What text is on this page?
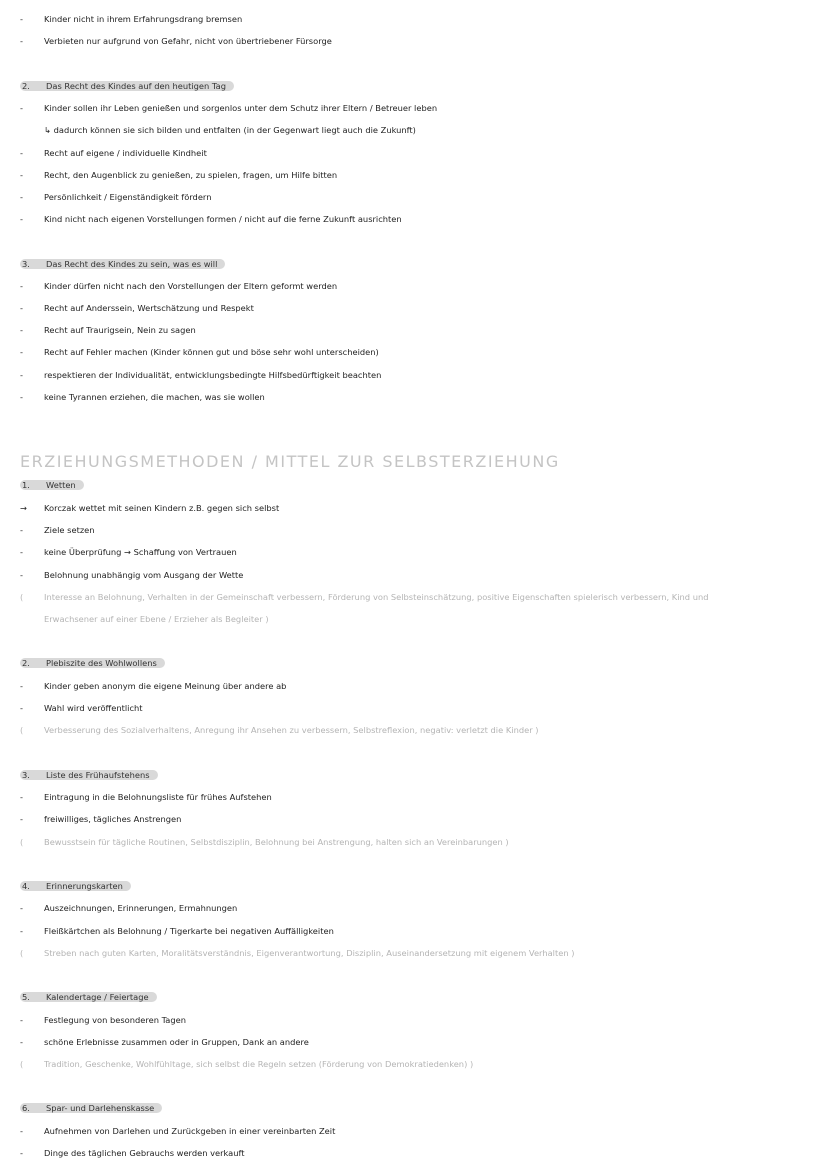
-	Kinder nicht in ihrem Erfahrungsdrang bremsen
-	Verbieten nur aufgrund von Gefahr, nicht von übertriebener Fürsorge
2. Das Recht des Kindes auf den heutigen Tag
-	Kinder sollen ihr Leben genießen und sorgenlos unter dem Schutz ihrer Eltern / Betreuer leben
↳ dadurch können sie sich bilden und entfalten (in der Gegenwart liegt auch die Zukunft)
-	Recht auf eigene / individuelle Kindheit
-	Recht, den Augenblick zu genießen, zu spielen, fragen, um Hilfe bitten
-	Persönlichkeit / Eigenständigkeit fördern
-	Kind nicht nach eigenen Vorstellungen formen / nicht auf die ferne Zukunft ausrichten
3. Das Recht des Kindes zu sein, was es will
-	Kinder dürfen nicht nach den Vorstellungen der Eltern geformt werden
-	Recht auf Anderssein, Wertschätzung und Respekt
-	Recht auf Traurigsein, Nein zu sagen
-	Recht auf Fehler machen (Kinder können gut und böse sehr wohl unterscheiden)
-	respektieren der Individualität, entwicklungsbedingte Hilfsbedürftigkeit beachten
-	keine Tyrannen erziehen, die machen, was sie wollen
ERZIEHUNGSMETHODEN / MITTEL ZUR SELBSTERZIEHUNG
1. Wetten
→ Korczak wettet mit seinen Kindern z.B. gegen sich selbst
-	Ziele setzen
-	keine Überprüfung → Schaffung von Vertrauen
-	Belohnung unabhängig vom Ausgang der Wette
(	Interesse an Belohnung, Verhalten in der Gemeinschaft verbessern, Förderung von Selbsteinschätzung, positive Eigenschaften spielerisch verbessern, Kind und
Erwachsener auf einer Ebene / Erzieher als Begleiter )
2. Plebiszite des Wohlwollens
-	Kinder geben anonym die eigene Meinung über andere ab
-	Wahl wird veröffentlicht
(	Verbesserung des Sozialverhaltens, Anregung ihr Ansehen zu verbessern, Selbstreflexion, negativ: verletzt die Kinder )
3. Liste des Frühaufstehens
-	Eintragung in die Belohnungsliste für frühes Aufstehen
-	freiwilliges, tägliches Anstrengen
(	Bewusstsein für tägliche Routinen, Selbstdisziplin, Belohnung bei Anstrengung, halten sich an Vereinbarungen )
4. Erinnerungskarten
-	Auszeichnungen, Erinnerungen, Ermahnungen
-	Fleißkärtchen als Belohnung / Tigerkarte bei negativen Auffälligkeiten
(	Streben nach guten Karten, Moralitätsverständnis, Eigenverantwortung, Disziplin, Auseinandersetzung mit eigenem Verhalten )
5. Kalendertage / Feiertage
-	Festlegung von besonderen Tagen
-	schöne Erlebnisse zusammen oder in Gruppen, Dank an andere
(	Tradition, Geschenke, Wohlfühltage, sich selbst die Regeln setzen (Förderung von Demokratiedenken) )
6. Spar- und Darlehenskasse
-	Aufnehmen von Darlehen und Zurückgeben in einer vereinbarten Zeit
-	Dinge des täglichen Gebrauchs werden verkauft
